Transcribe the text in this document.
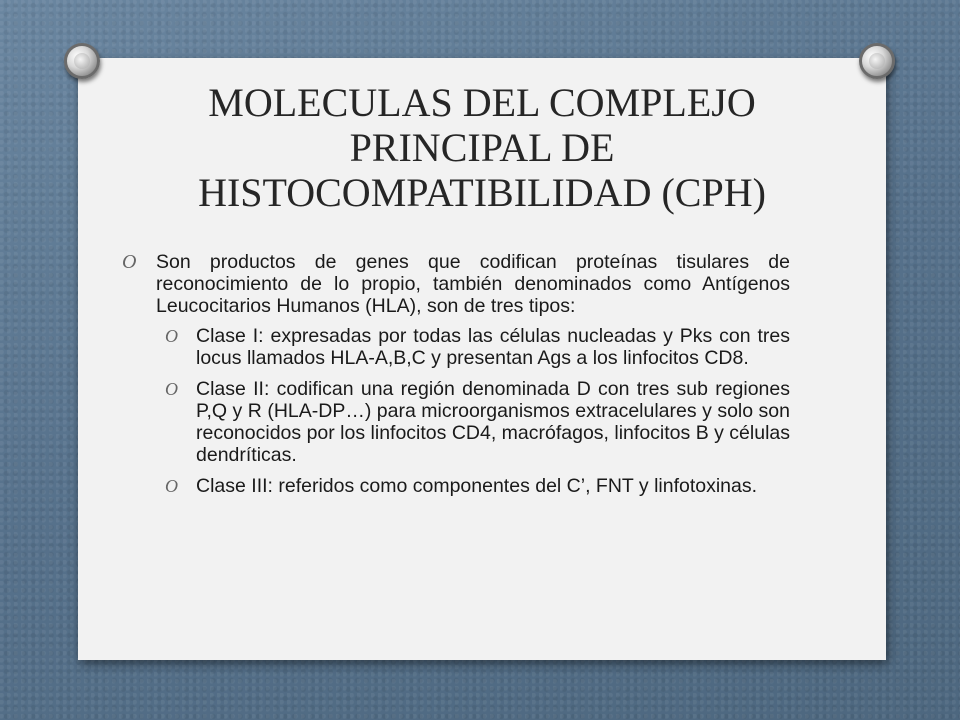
MOLECULAS DEL COMPLEJO
PRINCIPAL DE
HISTOCOMPATIBILIDAD (CPH)
O Son productos de genes que codifican proteínas tisulares de reconocimiento de lo propio, también denominados como Antígenos Leucocitarios Humanos (HLA), son de tres tipos:
O Clase I: expresadas por todas las células nucleadas y Pks con tres locus llamados HLA-A,B,C y presentan Ags a los linfocitos CD8.
O Clase II: codifican una región denominada D con tres sub regiones P,Q y R (HLA-DP…) para microorganismos extracelulares y solo son reconocidos por los linfocitos CD4, macrófagos, linfocitos B y células dendríticas.
O Clase III: referidos como componentes del C’, FNT y linfotoxinas.
